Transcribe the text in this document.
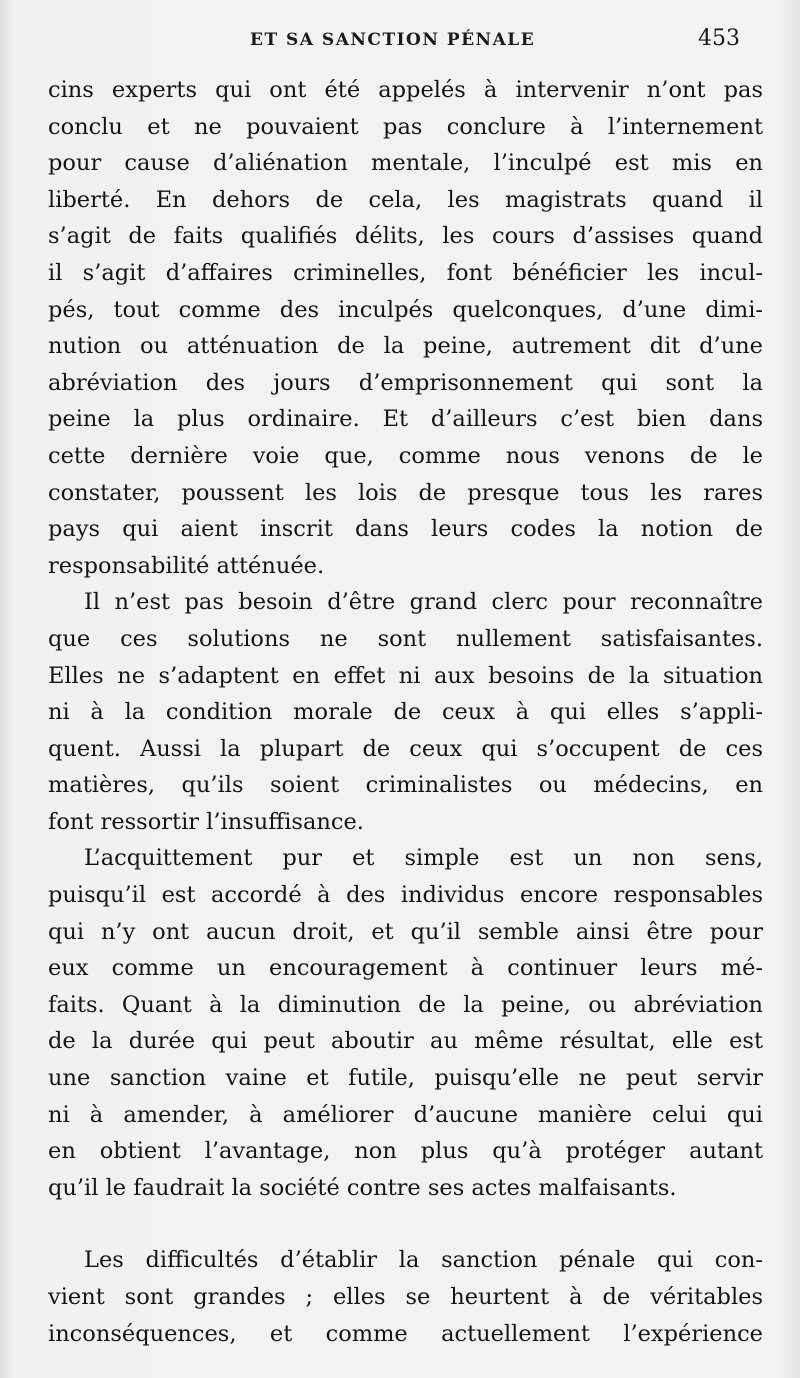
ET SA SANCTION PÉNALE	453

cins experts qui ont été appelés à intervenir n’ont pas
conclu et ne pouvaient pas conclure à l’internement
pour cause d’aliénation mentale, l’inculpé est mis en
liberté. En dehors de cela, les magistrats quand il
s’agit de faits qualifiés délits, les cours d’assises quand
il s’agit d’affaires criminelles, font bénéficier les incul-
pés, tout comme des inculpés quelconques, d’une dimi-
nution ou atténuation de la peine, autrement dit d’une
abréviation des jours d’emprisonnement qui sont la
peine la plus ordinaire. Et d’ailleurs c’est bien dans
cette dernière voie que, comme nous venons de le
constater, poussent les lois de presque tous les rares
pays qui aient inscrit dans leurs codes la notion de
responsabilité atténuée.

Il n’est pas besoin d’être grand clerc pour reconnaître
que ces solutions ne sont nullement satisfaisantes.
Elles ne s’adaptent en effet ni aux besoins de la situation
ni à la condition morale de ceux à qui elles s’appli-
quent. Aussi la plupart de ceux qui s’occupent de ces
matières, qu’ils soient criminalistes ou médecins, en
font ressortir l’insuffisance.

L’acquittement pur et simple est un non sens,
puisqu’il est accordé à des individus encore responsables
qui n’y ont aucun droit, et qu’il semble ainsi être pour
eux comme un encouragement à continuer leurs mé-
faits. Quant à la diminution de la peine, ou abréviation
de la durée qui peut aboutir au même résultat, elle est
une sanction vaine et futile, puisqu’elle ne peut servir
ni à amender, à améliorer d’aucune manière celui qui
en obtient l’avantage, non plus qu’à protéger autant
qu’il le faudrait la société contre ses actes malfaisants.

Les difficultés d’établir la sanction pénale qui con-
vient sont grandes ; elles se heurtent à de véritables
inconséquences, et comme actuellement l’expérience
